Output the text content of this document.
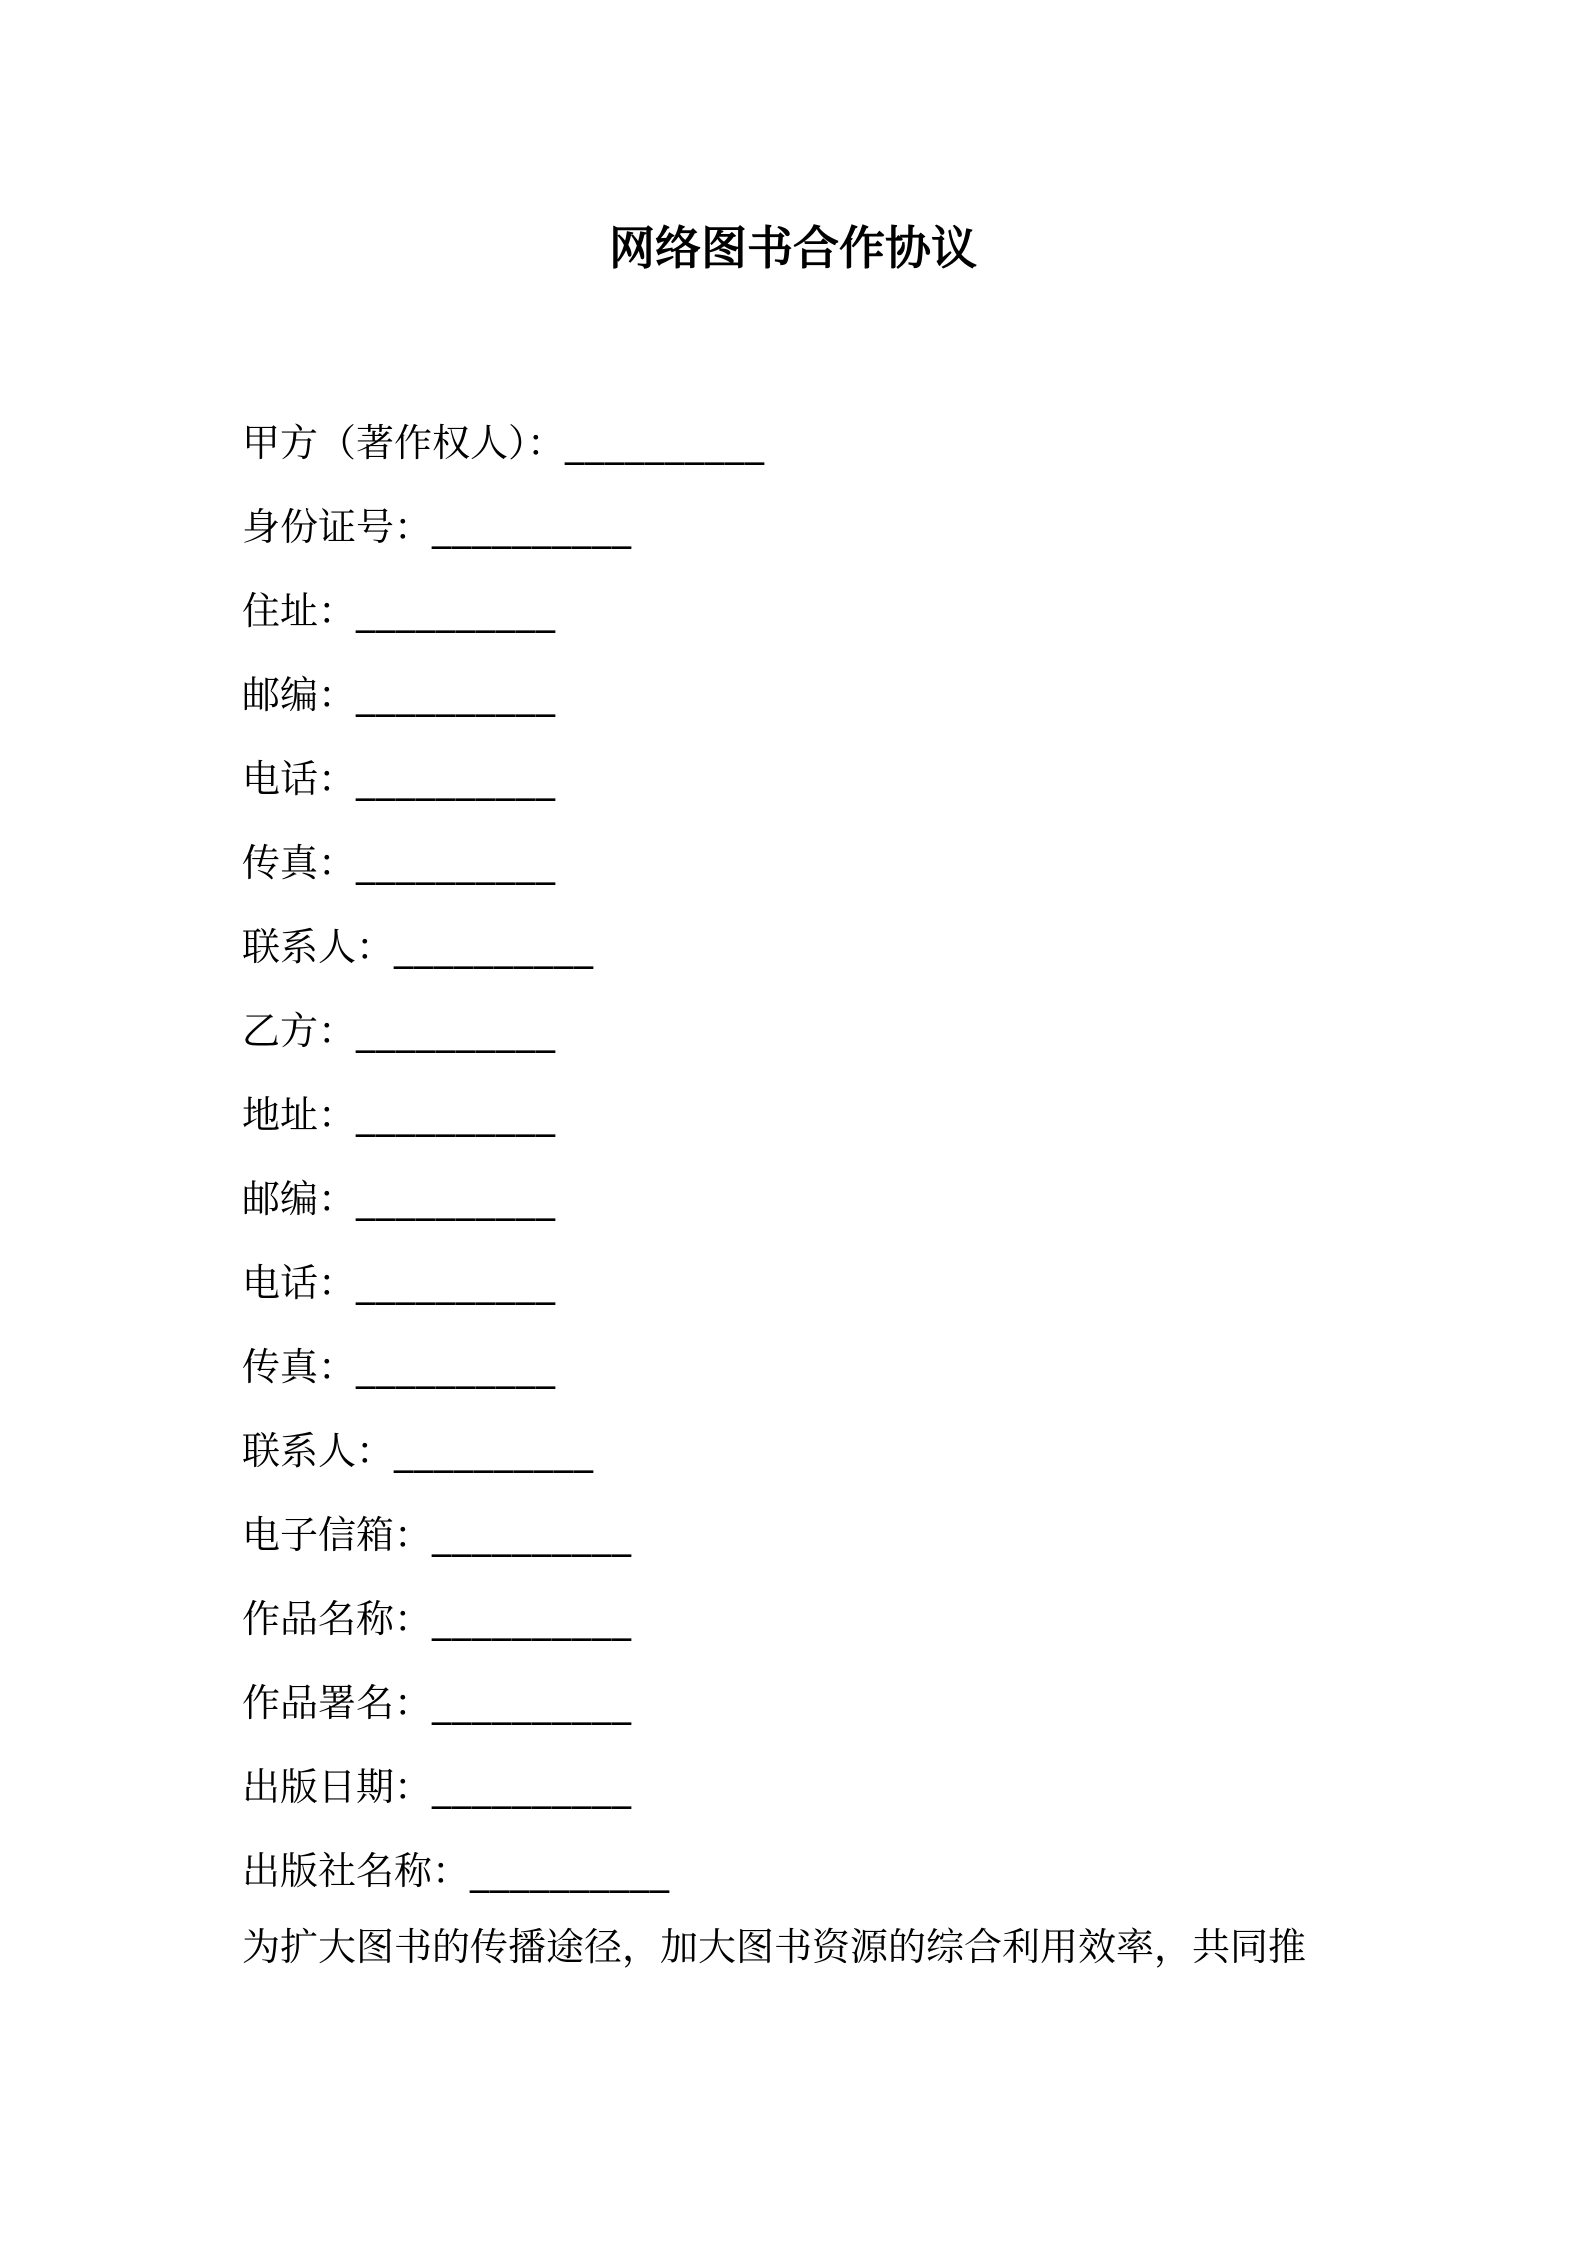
网络图书合作协议
甲方（著作权人）：__________
身份证号：__________
住址：__________
邮编：__________
电话：__________
传真：__________
联系人：__________
乙方：__________
地址：__________
邮编：__________
电话：__________
传真：__________
联系人：__________
电子信箱：__________
作品名称：__________
作品署名：__________
出版日期：__________
出版社名称：__________

为扩大图书的传播途径，加大图书资源的综合利用效率，共同推
